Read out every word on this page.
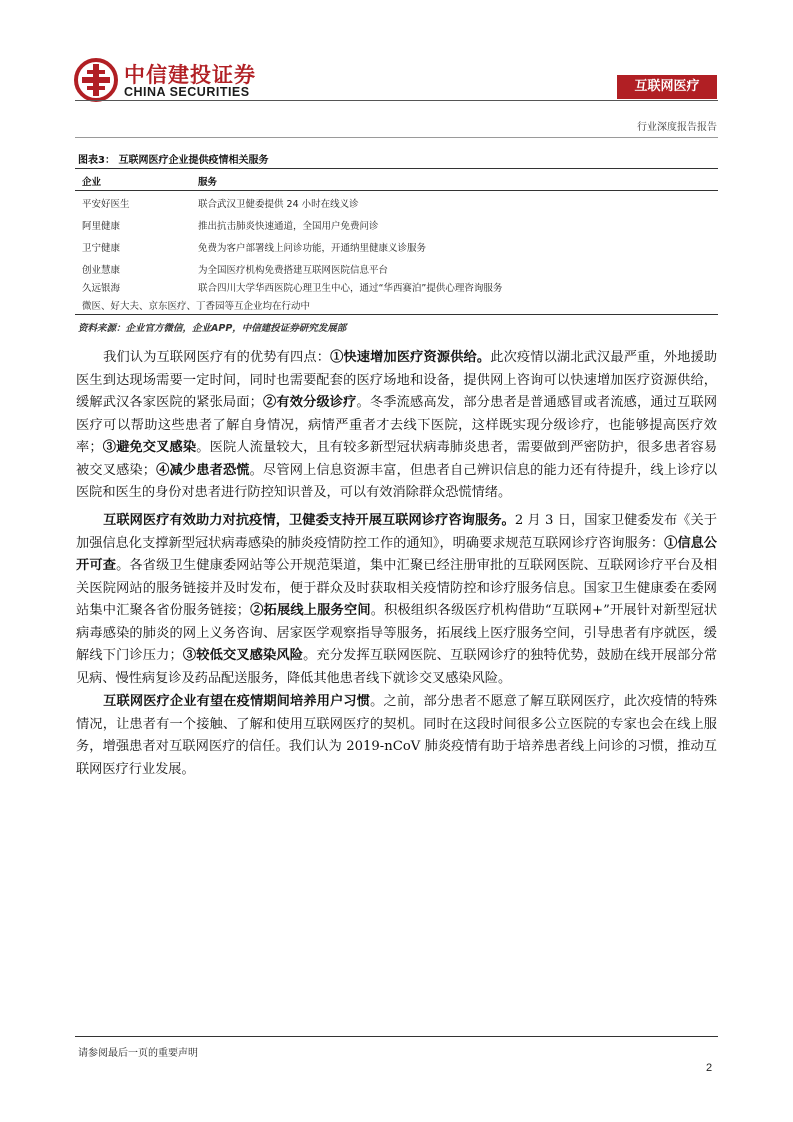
中信建投证券
CHINA SECURITIES	互联网医疗
行业深度报告报告
图表3： 互联网医疗企业提供疫情相关服务
企业	服务
平安好医生	联合武汉卫健委提供 24 小时在线义诊
阿里健康	推出抗击肺炎快速通道，全国用户免费问诊
卫宁健康	免费为客户部署线上问诊功能，开通纳里健康义诊服务
创业慧康	为全国医疗机构免费搭建互联网医院信息平台
久远银海	联合四川大学华西医院心理卫生中心，通过“华西赛泊”提供心理咨询服务
微医、好大夫、京东医疗、丁香园等互企业均在行动中
资料来源：企业官方微信，企业APP，中信建投证券研究发展部
我们认为互联网医疗有的优势有四点：①快速增加医疗资源供给。此次疫情以湖北武汉最严重，外地援助医生到达现场需要一定时间，同时也需要配套的医疗场地和设备，提供网上咨询可以快速增加医疗资源供给，缓解武汉各家医院的紧张局面；②有效分级诊疗。冬季流感高发，部分患者是普通感冒或者流感，通过互联网医疗可以帮助这些患者了解自身情况，病情严重者才去线下医院，这样既实现分级诊疗，也能够提高医疗效率；③避免交叉感染。医院人流量较大，且有较多新型冠状病毒肺炎患者，需要做到严密防护，很多患者容易被交叉感染；④减少患者恐慌。尽管网上信息资源丰富，但患者自己辨识信息的能力还有待提升，线上诊疗以医院和医生的身份对患者进行防控知识普及，可以有效消除群众恐慌情绪。
互联网医疗有效助力对抗疫情，卫健委支持开展互联网诊疗咨询服务。2 月 3 日，国家卫健委发布《关于加强信息化支撑新型冠状病毒感染的肺炎疫情防控工作的通知》，明确要求规范互联网诊疗咨询服务：①信息公开可查。各省级卫生健康委网站等公开规范渠道，集中汇聚已经注册审批的互联网医院、互联网诊疗平台及相关医院网站的服务链接并及时发布，便于群众及时获取相关疫情防控和诊疗服务信息。国家卫生健康委在委网站集中汇聚各省份服务链接；②拓展线上服务空间。积极组织各级医疗机构借助“互联网+”开展针对新型冠状病毒感染的肺炎的网上义务咨询、居家医学观察指导等服务，拓展线上医疗服务空间，引导患者有序就医，缓解线下门诊压力；③较低交叉感染风险。充分发挥互联网医院、互联网诊疗的独特优势，鼓励在线开展部分常见病、慢性病复诊及药品配送服务，降低其他患者线下就诊交叉感染风险。
互联网医疗企业有望在疫情期间培养用户习惯。之前，部分患者不愿意了解互联网医疗，此次疫情的特殊情况，让患者有一个接触、了解和使用互联网医疗的契机。同时在这段时间很多公立医院的专家也会在线上服务，增强患者对互联网医疗的信任。我们认为 2019-nCoV 肺炎疫情有助于培养患者线上问诊的习惯，推动互联网医疗行业发展。
请参阅最后一页的重要声明
2
